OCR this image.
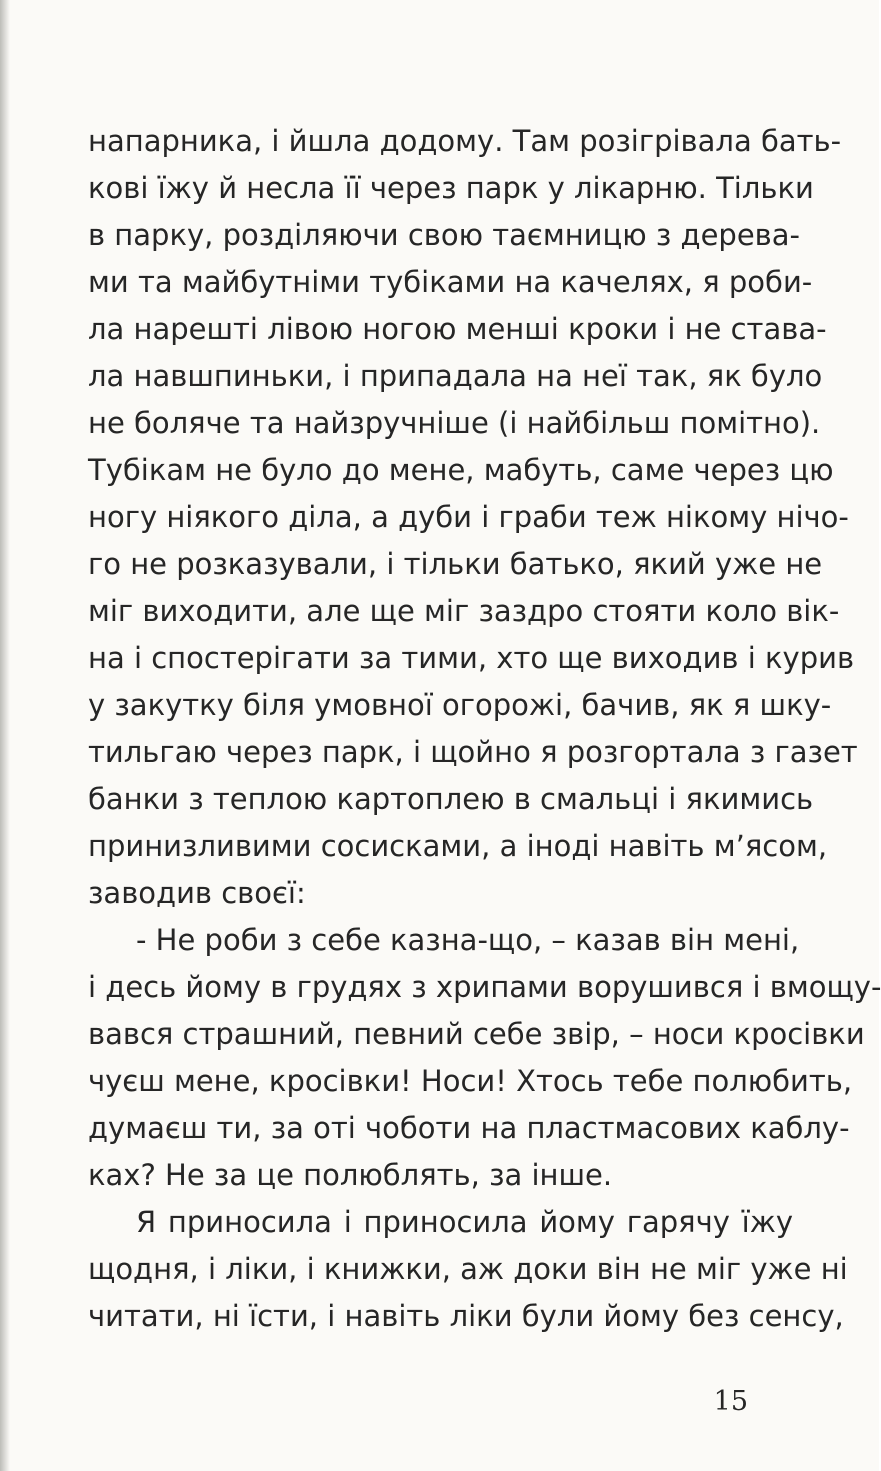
напарника, і йшла додому. Там розігрівала бать-
кові їжу й несла її через парк у лікарню. Тільки
в парку, розділяючи свою таємницю з дерева-
ми та майбутніми тубіками на качелях, я роби-
ла нарешті лівою ногою менші кроки і не става-
ла навшпиньки, і припадала на неї так, як було
не боляче та найзручніше (і найбільш помітно).
Тубікам не було до мене, мабуть, саме через цю
ногу ніякого діла, а дуби і граби теж нікому нічо-
го не розказували, і тільки батько, який уже не
міг виходити, але ще міг заздро стояти коло вік-
на і спостерігати за тими, хто ще виходив і курив
у закутку біля умовної огорожі, бачив, як я шку-
тильгаю через парк, і щойно я розгортала з газет
банки з теплою картоплею в смальці і якимись
принизливими сосисками, а іноді навіть м’ясом,
заводив своєї:
- Не роби з себе казна-що, – казав він мені,
і десь йому в грудях з хрипами ворушився і вмощу-
вався страшний, певний себе звір, – носи кросівки
чуєш мене, кросівки! Носи! Хтось тебе полюбить,
думаєш ти, за оті чоботи на пластмасових каблу-
ках? Не за це полюблять, за інше.
Я приносила і приносила йому гарячу їжу
щодня, і ліки, і книжки, аж доки він не міг уже ні
читати, ні їсти, і навіть ліки були йому без сенсу,
15
